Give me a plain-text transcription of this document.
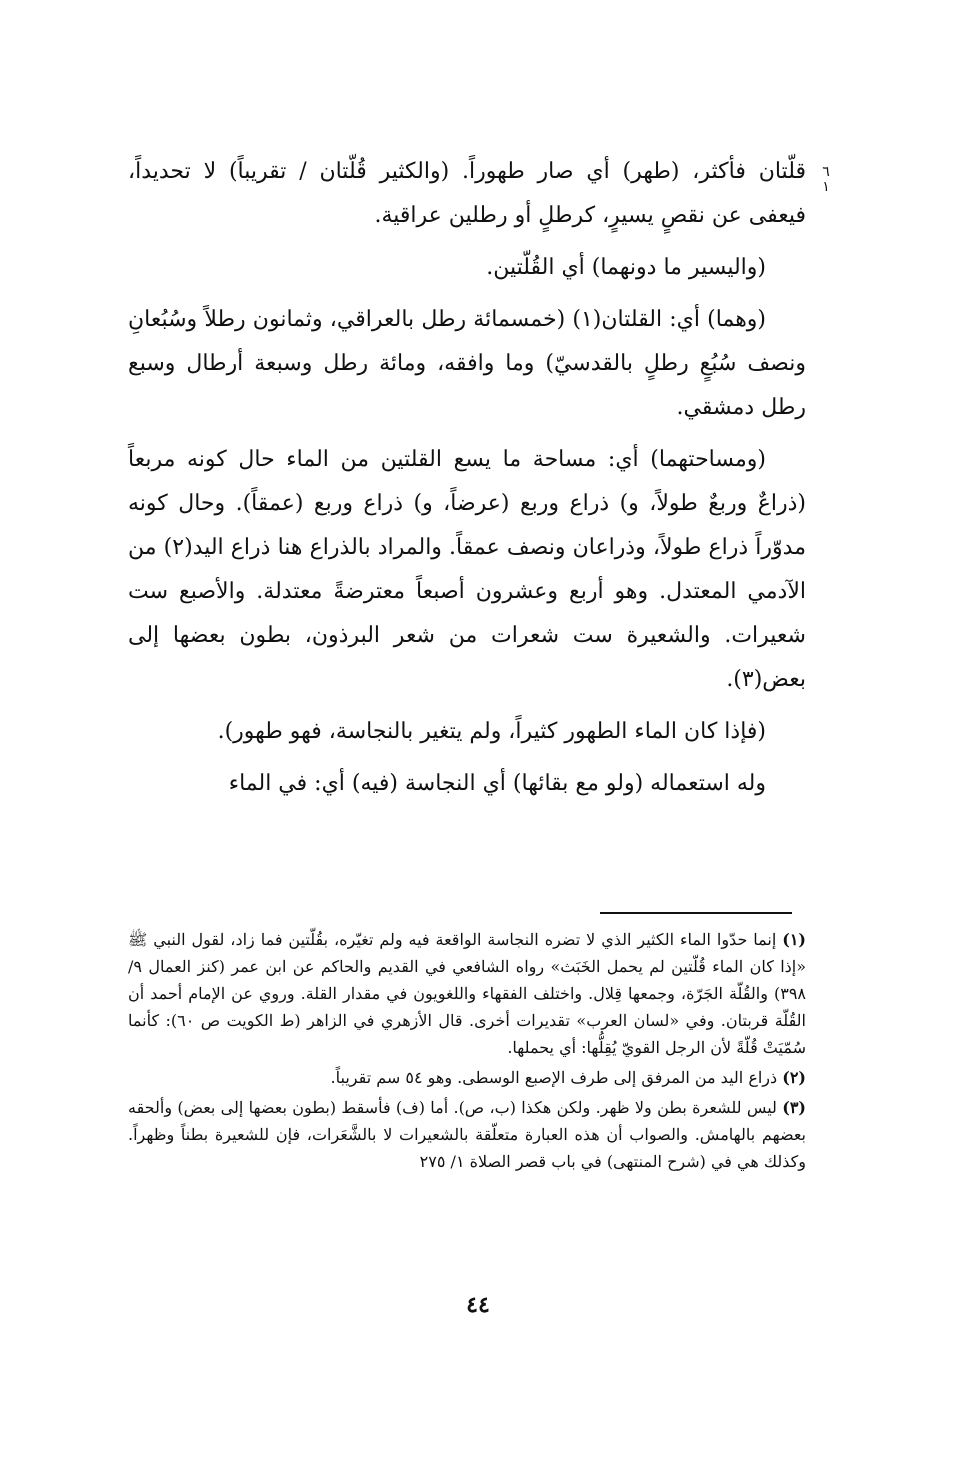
٦
١

قلّتان فأكثر، (طهر) أي صار طهوراً. (والكثير قُلّتان / تقريباً) لا تحديداً، فيعفى عن نقصٍ يسيرٍ، كرطلٍ أو رطلين عراقية.

(واليسير ما دونهما) أي القُلّتين.

(وهما) أي: القلتان(١) (خمسمائة رطل بالعراقي، وثمانون رطلاً وسُبُعانِ ونصف سُبُعٍ رطلٍ بالقدسيّ) وما وافقه، ومائة رطل وسبعة أرطال وسبع رطل دمشقي.

(ومساحتهما) أي: مساحة ما يسع القلتين من الماء حال كونه مربعاً (ذراعٌ وربعٌ طولاً، و) ذراع وربع (عرضاً، و) ذراع وربع (عمقاً). وحال كونه مدوّراً ذراع طولاً، وذراعان ونصف عمقاً. والمراد بالذراع هنا ذراع اليد(٢) من الآدمي المعتدل. وهو أربع وعشرون أصبعاً معترضةً معتدلة. والأصبع ست شعيرات. والشعيرة ست شعرات من شعر البرذون، بطون بعضها إلى بعض(٣).

(فإذا كان الماء الطهور كثيراً، ولم يتغير بالنجاسة، فهو طهور).

وله استعماله (ولو مع بقائها) أي النجاسة (فيه) أي: في الماء

(١) إنما حدّوا الماء الكثير الذي لا تضره النجاسة الواقعة فيه ولم تغيّره، بقُلّتين فما زاد، لقول النبي ﷺ «إذا كان الماء قُلّتين لم يحمل الخَبَث» رواه الشافعي في القديم والحاكم عن ابن عمر (كنز العمال ٩/ ٣٩٨) والقُلّة الجَرّة، وجمعها قِلال. واختلف الفقهاء واللغويون في مقدار القلة. وروي عن الإمام أحمد أن القُلّة قربتان. وفي «لسان العرب» تقديرات أخرى. قال الأزهري في الزاهر (ط الكويت ص ٦٠): كأنما سُمّيَتْ قُلّةً لأن الرجل القويّ يُقِلُّها: أي يحملها.

(٢) ذراع اليد من المرفق إلى طرف الإصبع الوسطى. وهو ٥٤ سم تقريباً.

(٣) ليس للشعرة بطن ولا ظهر. ولكن هكذا (ب، ص). أما (ف) فأسقط (بطون بعضها إلى بعض) وألحقه بعضهم بالهامش. والصواب أن هذه العبارة متعلّقة بالشعيرات لا بالشَّعَرات، فإن للشعيرة بطناً وظهراً. وكذلك هي في (شرح المنتهى) في باب قصر الصلاة ١/ ٢٧٥

٤٤
